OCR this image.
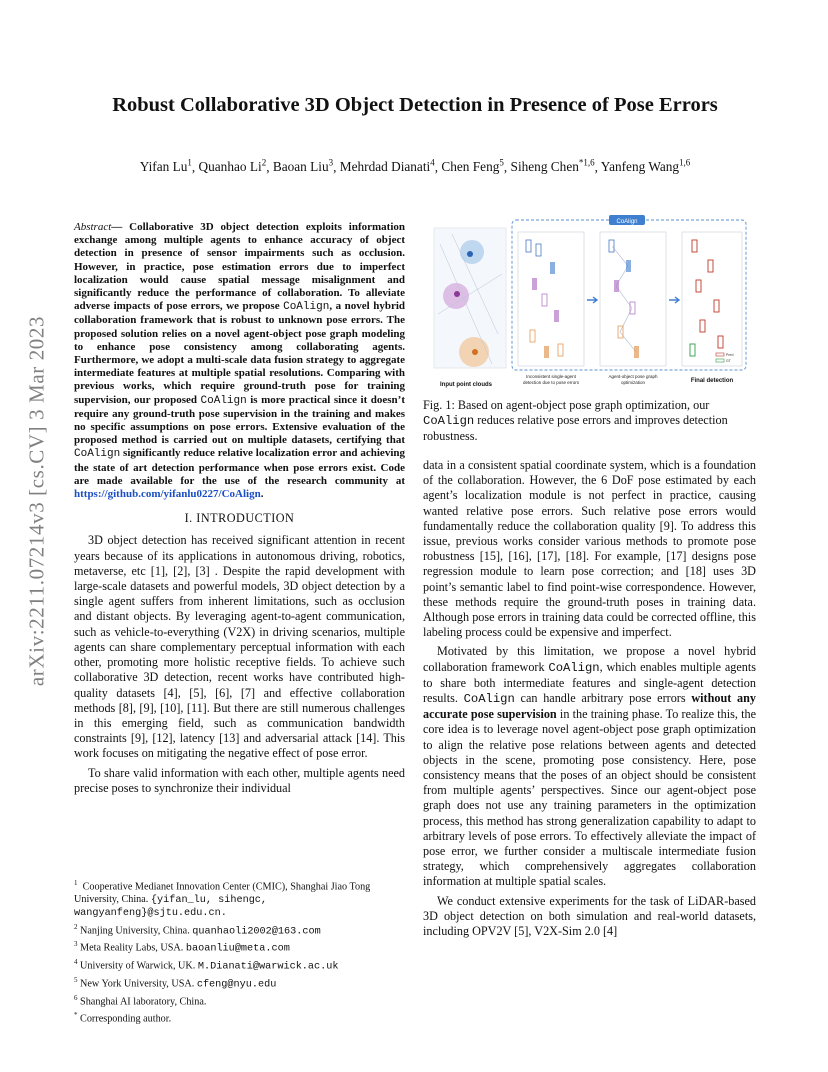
arXiv:2211.07214v3 [cs.CV] 3 Mar 2023
Robust Collaborative 3D Object Detection in Presence of Pose Errors
Yifan Lu$^1$, Quanhao Li$^2$, Baoan Liu$^3$, Mehrdad Dianati$^4$, Chen Feng$^5$, Siheng Chen$^{*1,6}$, Yanfeng Wang$^{1,6}$

Abstract— Collaborative 3D object detection exploits information exchange among multiple agents to enhance accuracy of object detection in presence of sensor impairments such as occlusion. However, in practice, pose estimation errors due to imperfect localization would cause spatial message misalignment and significantly reduce the performance of collaboration. To alleviate adverse impacts of pose errors, we propose CoAlign, a novel hybrid collaboration framework that is robust to unknown pose errors. The proposed solution relies on a novel agent-object pose graph modeling to enhance pose consistency among collaborating agents. Furthermore, we adopt a multi-scale data fusion strategy to aggregate intermediate features at multiple spatial resolutions. Comparing with previous works, which require ground-truth pose for training supervision, our proposed CoAlign is more practical since it doesn’t require any ground-truth pose supervision in the training and makes no specific assumptions on pose errors. Extensive evaluation of the proposed method is carried out on multiple datasets, certifying that CoAlign significantly reduce relative localization error and achieving the state of art detection performance when pose errors exist. Code are made available for the use of the research community at https://github.com/yifanlu0227/CoAlign.

I. INTRODUCTION

3D object detection has received significant attention in recent years because of its applications in autonomous driving, robotics, metaverse, etc [1], [2], [3] . Despite the rapid development with large-scale datasets and powerful models, 3D object detection by a single agent suffers from inherent limitations, such as occlusion and distant objects. By leveraging agent-to-agent communication, such as vehicle-to-everything (V2X) in driving scenarios, multiple agents can share complementary perceptual information with each other, promoting more holistic receptive fields. To achieve such collaborative 3D detection, recent works have contributed high-quality datasets [4], [5], [6], [7] and effective collaboration methods [8], [9], [10], [11]. But there are still numerous challenges in this emerging field, such as communication bandwidth constraints [9], [12], latency [13] and adversarial attack [14]. This work focuses on mitigating the negative effect of pose error.

To share valid information with each other, multiple agents need precise poses to synchronize their individual

$^1$ Cooperative Medianet Innovation Center (CMIC), Shanghai Jiao Tong University, China. {yifan_lu, sihengc, wangyanfeng}@sjtu.edu.cn.

$^2$ Nanjing University, China. quanhaoli2002@163.com

$^3$ Meta Reality Labs, USA. baoanliu@meta.com

$^4$ University of Warwick, UK. M.Dianati@warwick.ac.uk

$^5$ New York University, USA. cfeng@nyu.edu

$^6$ Shanghai AI laboratory, China.

* Corresponding author.

CoAlign
Pred
GT
Input point clouds
Inconsistent single-agent detection due to pose errors
Agent-object pose graph optimization	Final detection
Fig. 1: Based on agent-object pose graph optimization, our CoAlign reduces relative pose errors and improves detection robustness.

data in a consistent spatial coordinate system, which is a foundation of the collaboration. However, the 6 DoF pose estimated by each agent’s localization module is not perfect in practice, causing wanted relative pose errors. Such relative pose errors would fundamentally reduce the collaboration quality [9]. To address this issue, previous works consider various methods to promote pose robustness [15], [16], [17], [18]. For example, [17] designs pose regression module to learn pose correction; and [18] uses 3D point’s semantic label to find point-wise correspondence. However, these methods require the ground-truth poses in training data. Although pose errors in training data could be corrected offline, this labeling process could be expensive and imperfect.

Motivated by this limitation, we propose a novel hybrid collaboration framework CoAlign, which enables multiple agents to share both intermediate features and single-agent detection results. CoAlign can handle arbitrary pose errors without any accurate pose supervision in the training phase. To realize this, the core idea is to leverage novel agent-object pose graph optimization to align the relative pose relations between agents and detected objects in the scene, promoting pose consistency. Here, pose consistency means that the poses of an object should be consistent from multiple agents’ perspectives. Since our agent-object pose graph does not use any training parameters in the optimization process, this method has strong generalization capability to adapt to arbitrary levels of pose errors. To effectively alleviate the impact of pose error, we further consider a multiscale intermediate fusion strategy, which comprehensively aggregates collaboration information at multiple spatial scales.

We conduct extensive experiments for the task of LiDAR-based 3D object detection on both simulation and real-world datasets, including OPV2V [5], V2X-Sim 2.0 [4]
